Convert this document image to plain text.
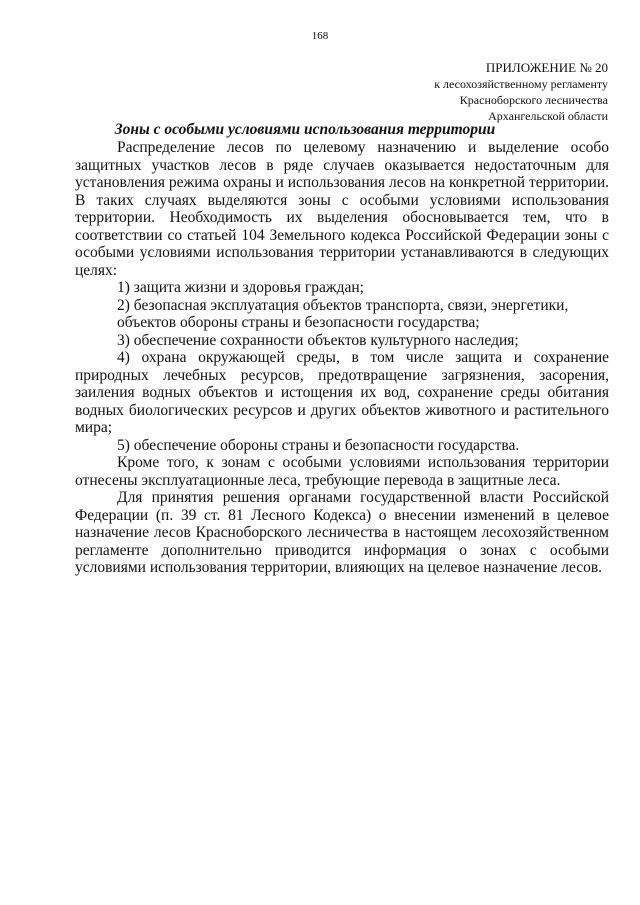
168
ПРИЛОЖЕНИЕ № 20
к лесохозяйственному регламенту
Красноборского лесничества
Архангельской области
Зоны с особыми условиями использования территории

Распределение лесов по целевому назначению и выделение особо защитных участков лесов в ряде случаев оказывается недостаточным для установления режима охраны и использования лесов на конкретной территории. В таких случаях выделяются зоны с особыми условиями использования территории. Необходимость их выделения обосновывается тем, что в соответствии со статьей 104 Земельного кодекса Российской Федерации зоны с особыми условиями использования территории устанавливаются в следующих целях:

1) защита жизни и здоровья граждан;

2) безопасная эксплуатация объектов транспорта, связи, энергетики,

объектов обороны страны и безопасности государства;

3) обеспечение сохранности объектов культурного наследия;

4) охрана окружающей среды, в том числе защита и сохранение природных лечебных ресурсов, предотвращение загрязнения, засорения, заиления водных объектов и истощения их вод, сохранение среды обитания водных биологических ресурсов и других объектов животного и растительного мира;

5) обеспечение обороны страны и безопасности государства.

Кроме того, к зонам с особыми условиями использования территории отнесены эксплуатационные леса, требующие перевода в защитные леса.

Для принятия решения органами государственной власти Российской Федерации (п. 39 ст. 81 Лесного Кодекса) о внесении изменений в целевое назначение лесов Красноборского лесничества в настоящем лесохозяйственном регламенте дополнительно приводится информация о зонах с особыми условиями использования территории, влияющих на целевое назначение лесов.
